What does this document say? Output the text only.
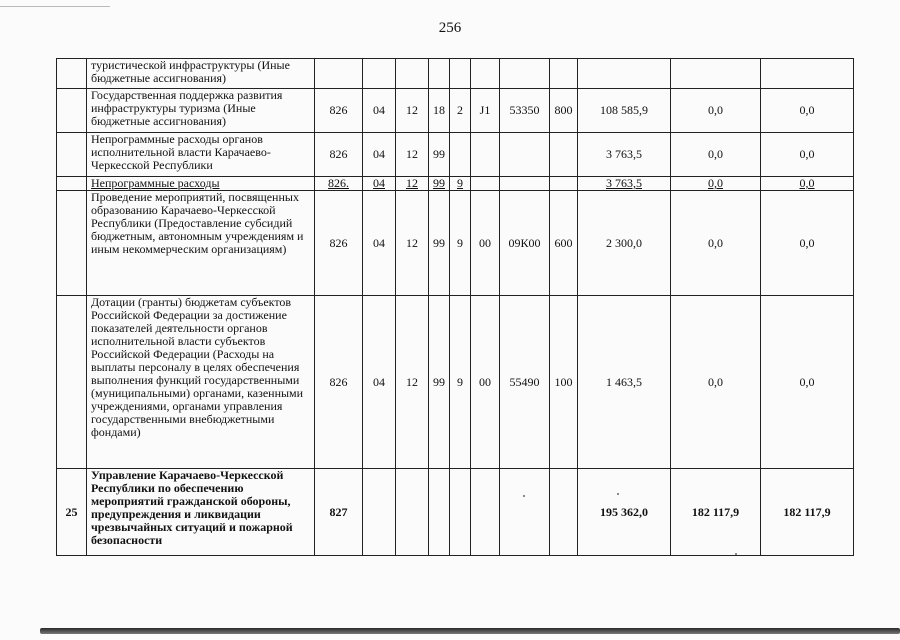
256
	туристической инфраструктуры (Иные бюджетные ассигнования)											
	Государственная поддержка развития инфраструктуры туризма (Иные бюджетные ассигнования)	826	04	12	18	2	J1	53350	800	108 585,9	0,0	0,0
	Непрограммные расходы органов исполнительной власти Карачаево-Черкесской Республики	826	04	12	99					3 763,5	0,0	0,0
	Непрограммные расходы	826.	04	12	99	9				3 763,5	0,0	0,0
	Проведение мероприятий, посвященных образованию Карачаево-Черкесской Республики (Предоставление субсидий бюджетным, автономным учреждениям и иным некоммерческим организациям)	826	04	12	99	9	00	09К00	600	2 300,0	0,0	0,0
	Дотации (гранты) бюджетам субъектов Российской Федерации за достижение показателей деятельности органов исполнительной власти субъектов Российской Федерации (Расходы на выплаты персоналу в целях обеспечения выполнения функций государственными (муниципальными) органами, казенными учреждениями, органами управления государственными внебюджетными фондами)	826	04	12	99	9	00	55490	100	1 463,5	0,0	0,0
25	Управление Карачаево-Черкесской Республики по обеспечению мероприятий гражданской обороны, предупреждения и ликвидации чрезвычайных ситуаций и пожарной безопасности	827								195 362,0	182 117,9	182 117,9
